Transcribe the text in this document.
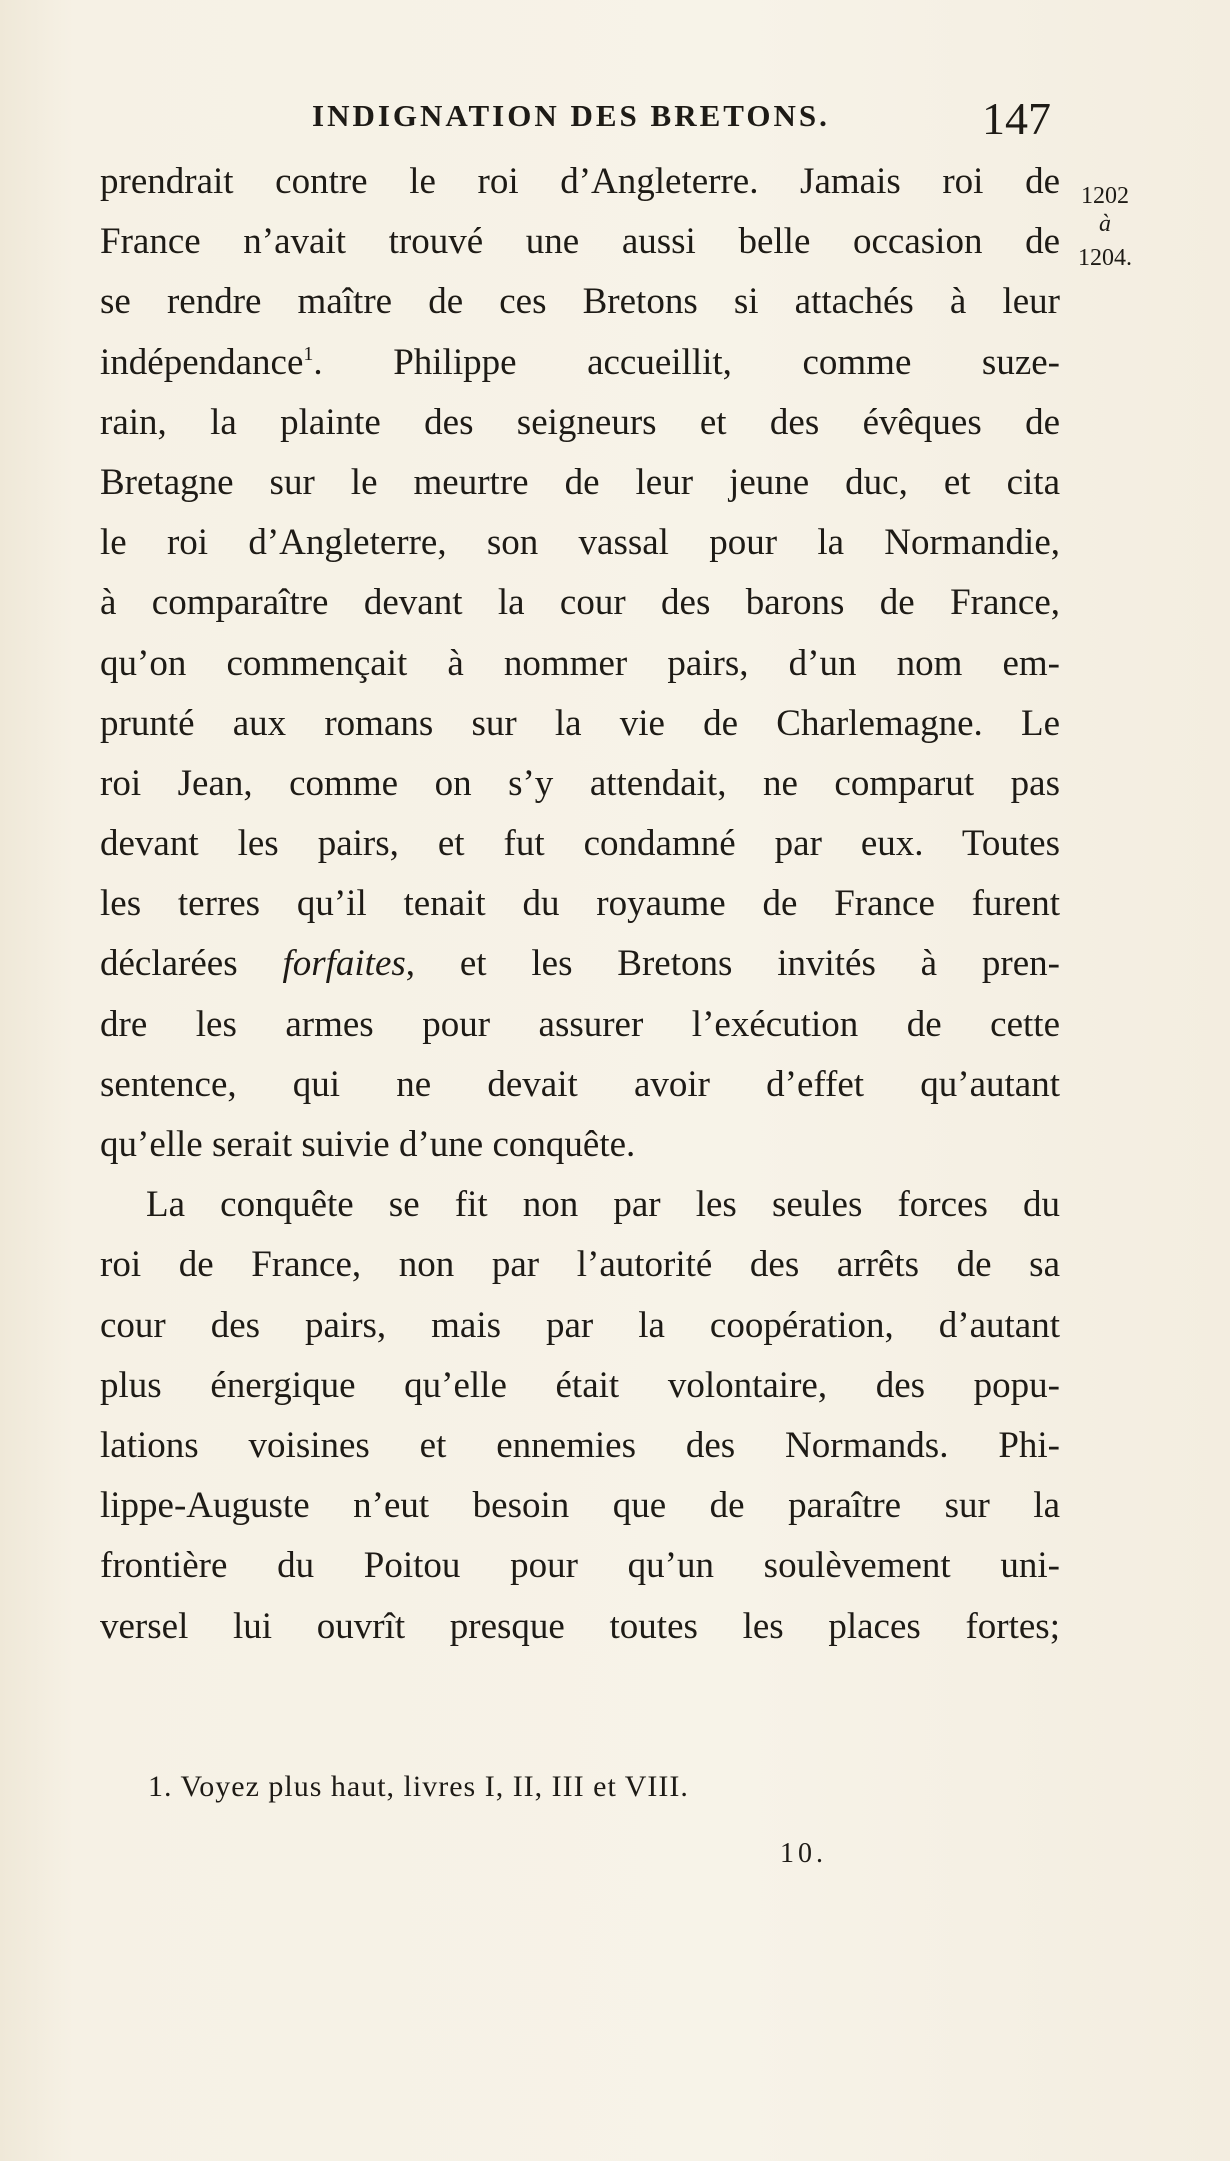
INDIGNATION DES BRETONS.	147
1202
à
1204.
prendrait contre le roi d’Angleterre. Jamais roi de
France n’avait trouvé une aussi belle occasion de
se rendre maître de ces Bretons si attachés à leur
indépendance$^1$. Philippe accueillit, comme suze-
rain, la plainte des seigneurs et des évêques de
Bretagne sur le meurtre de leur jeune duc, et cita
le roi d’Angleterre, son vassal pour la Normandie,
à comparaître devant la cour des barons de France,
qu’on commençait à nommer pairs, d’un nom em-
prunté aux romans sur la vie de Charlemagne. Le
roi Jean, comme on s’y attendait, ne comparut pas
devant les pairs, et fut condamné par eux. Toutes
les terres qu’il tenait du royaume de France furent
déclarées forfaites, et les Bretons invités à pren-
dre les armes pour assurer l’exécution de cette
sentence, qui ne devait avoir d’effet qu’autant
qu’elle serait suivie d’une conquête.
La conquête se fit non par les seules forces du
roi de France, non par l’autorité des arrêts de sa
cour des pairs, mais par la coopération, d’autant
plus énergique qu’elle était volontaire, des popu-
lations voisines et ennemies des Normands. Phi-
lippe-Auguste n’eut besoin que de paraître sur la
frontière du Poitou pour qu’un soulèvement uni-
versel lui ouvrît presque toutes les places fortes;
1. Voyez plus haut, livres I, II, III et VIII.
10.
